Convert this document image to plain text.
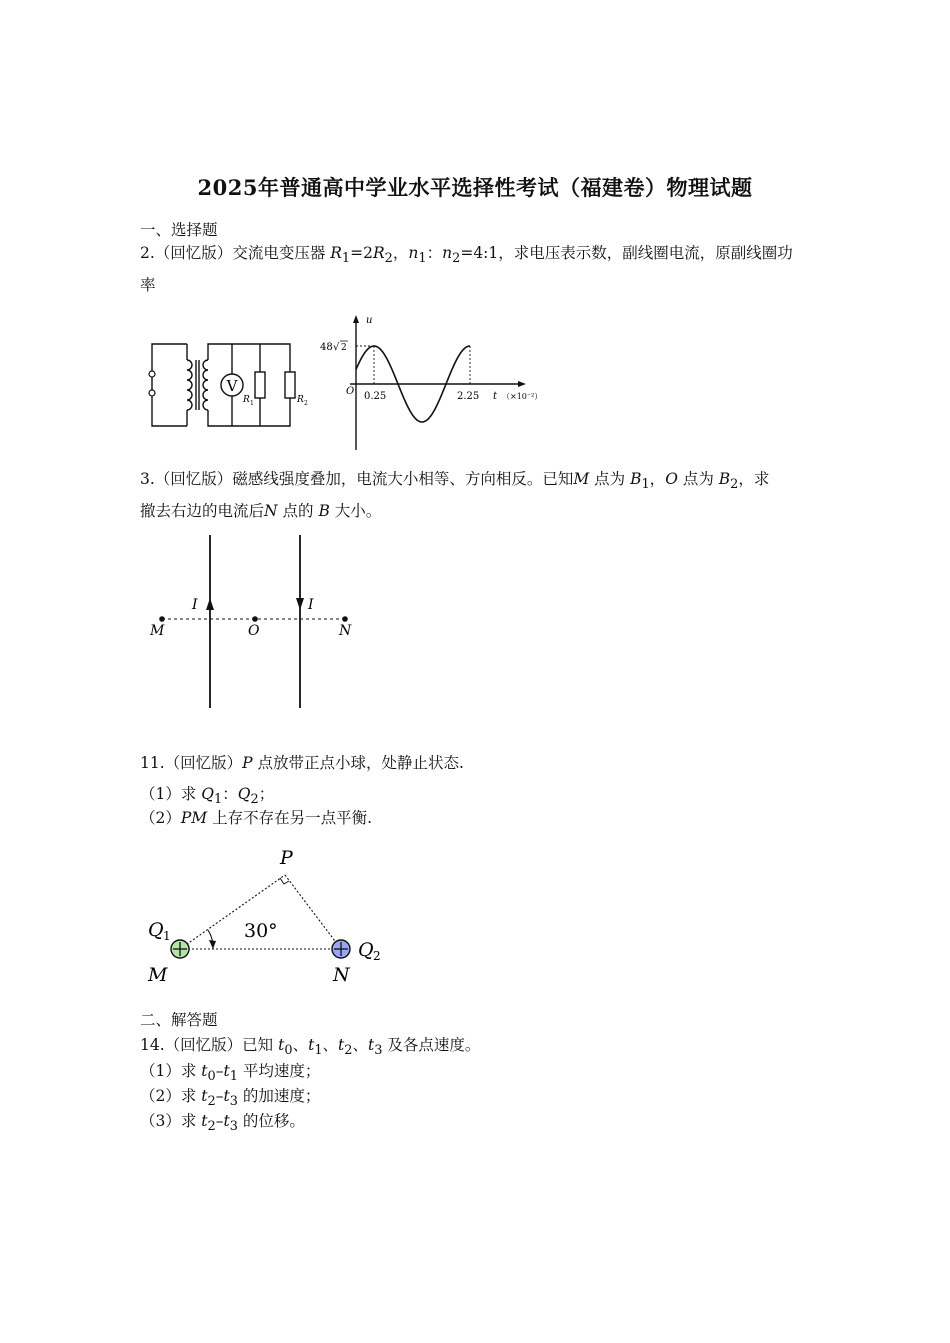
2025年普通高中学业水平选择性考试（福建卷）物理试题
一、选择题
2.（回忆版）交流电变压器 $R_1=2R_2$，$n_1$：$n_2=4:1$，求电压表示数，副线圈电流，原副线圈功
率
V
R 1	R 2
u
48 √ 2
O 0.25	2.25 t （×10⁻²）
3.（回忆版）磁感线强度叠加，电流大小相等、方向相反。已知M 点为 $B_1$，O 点为 $B_2$，求
撤去右边的电流后N 点的 B 大小。
I	I
M	O	N
11.（回忆版）P 点放带正点小球，处静止状态.
（1）求 $Q_1$：$Q_2$；
（2）PM 上存不存在另一点平衡.
30°
P
Q 1
Q 2
M	N
二、解答题
14.（回忆版）已知 $t_0$、$t_1$、$t_2$、$t_3$ 及各点速度。
（1）求 $t_0-t_1$ 平均速度；
（2）求 $t_2-t_3$ 的加速度；
（3）求 $t_2-t_3$ 的位移。
